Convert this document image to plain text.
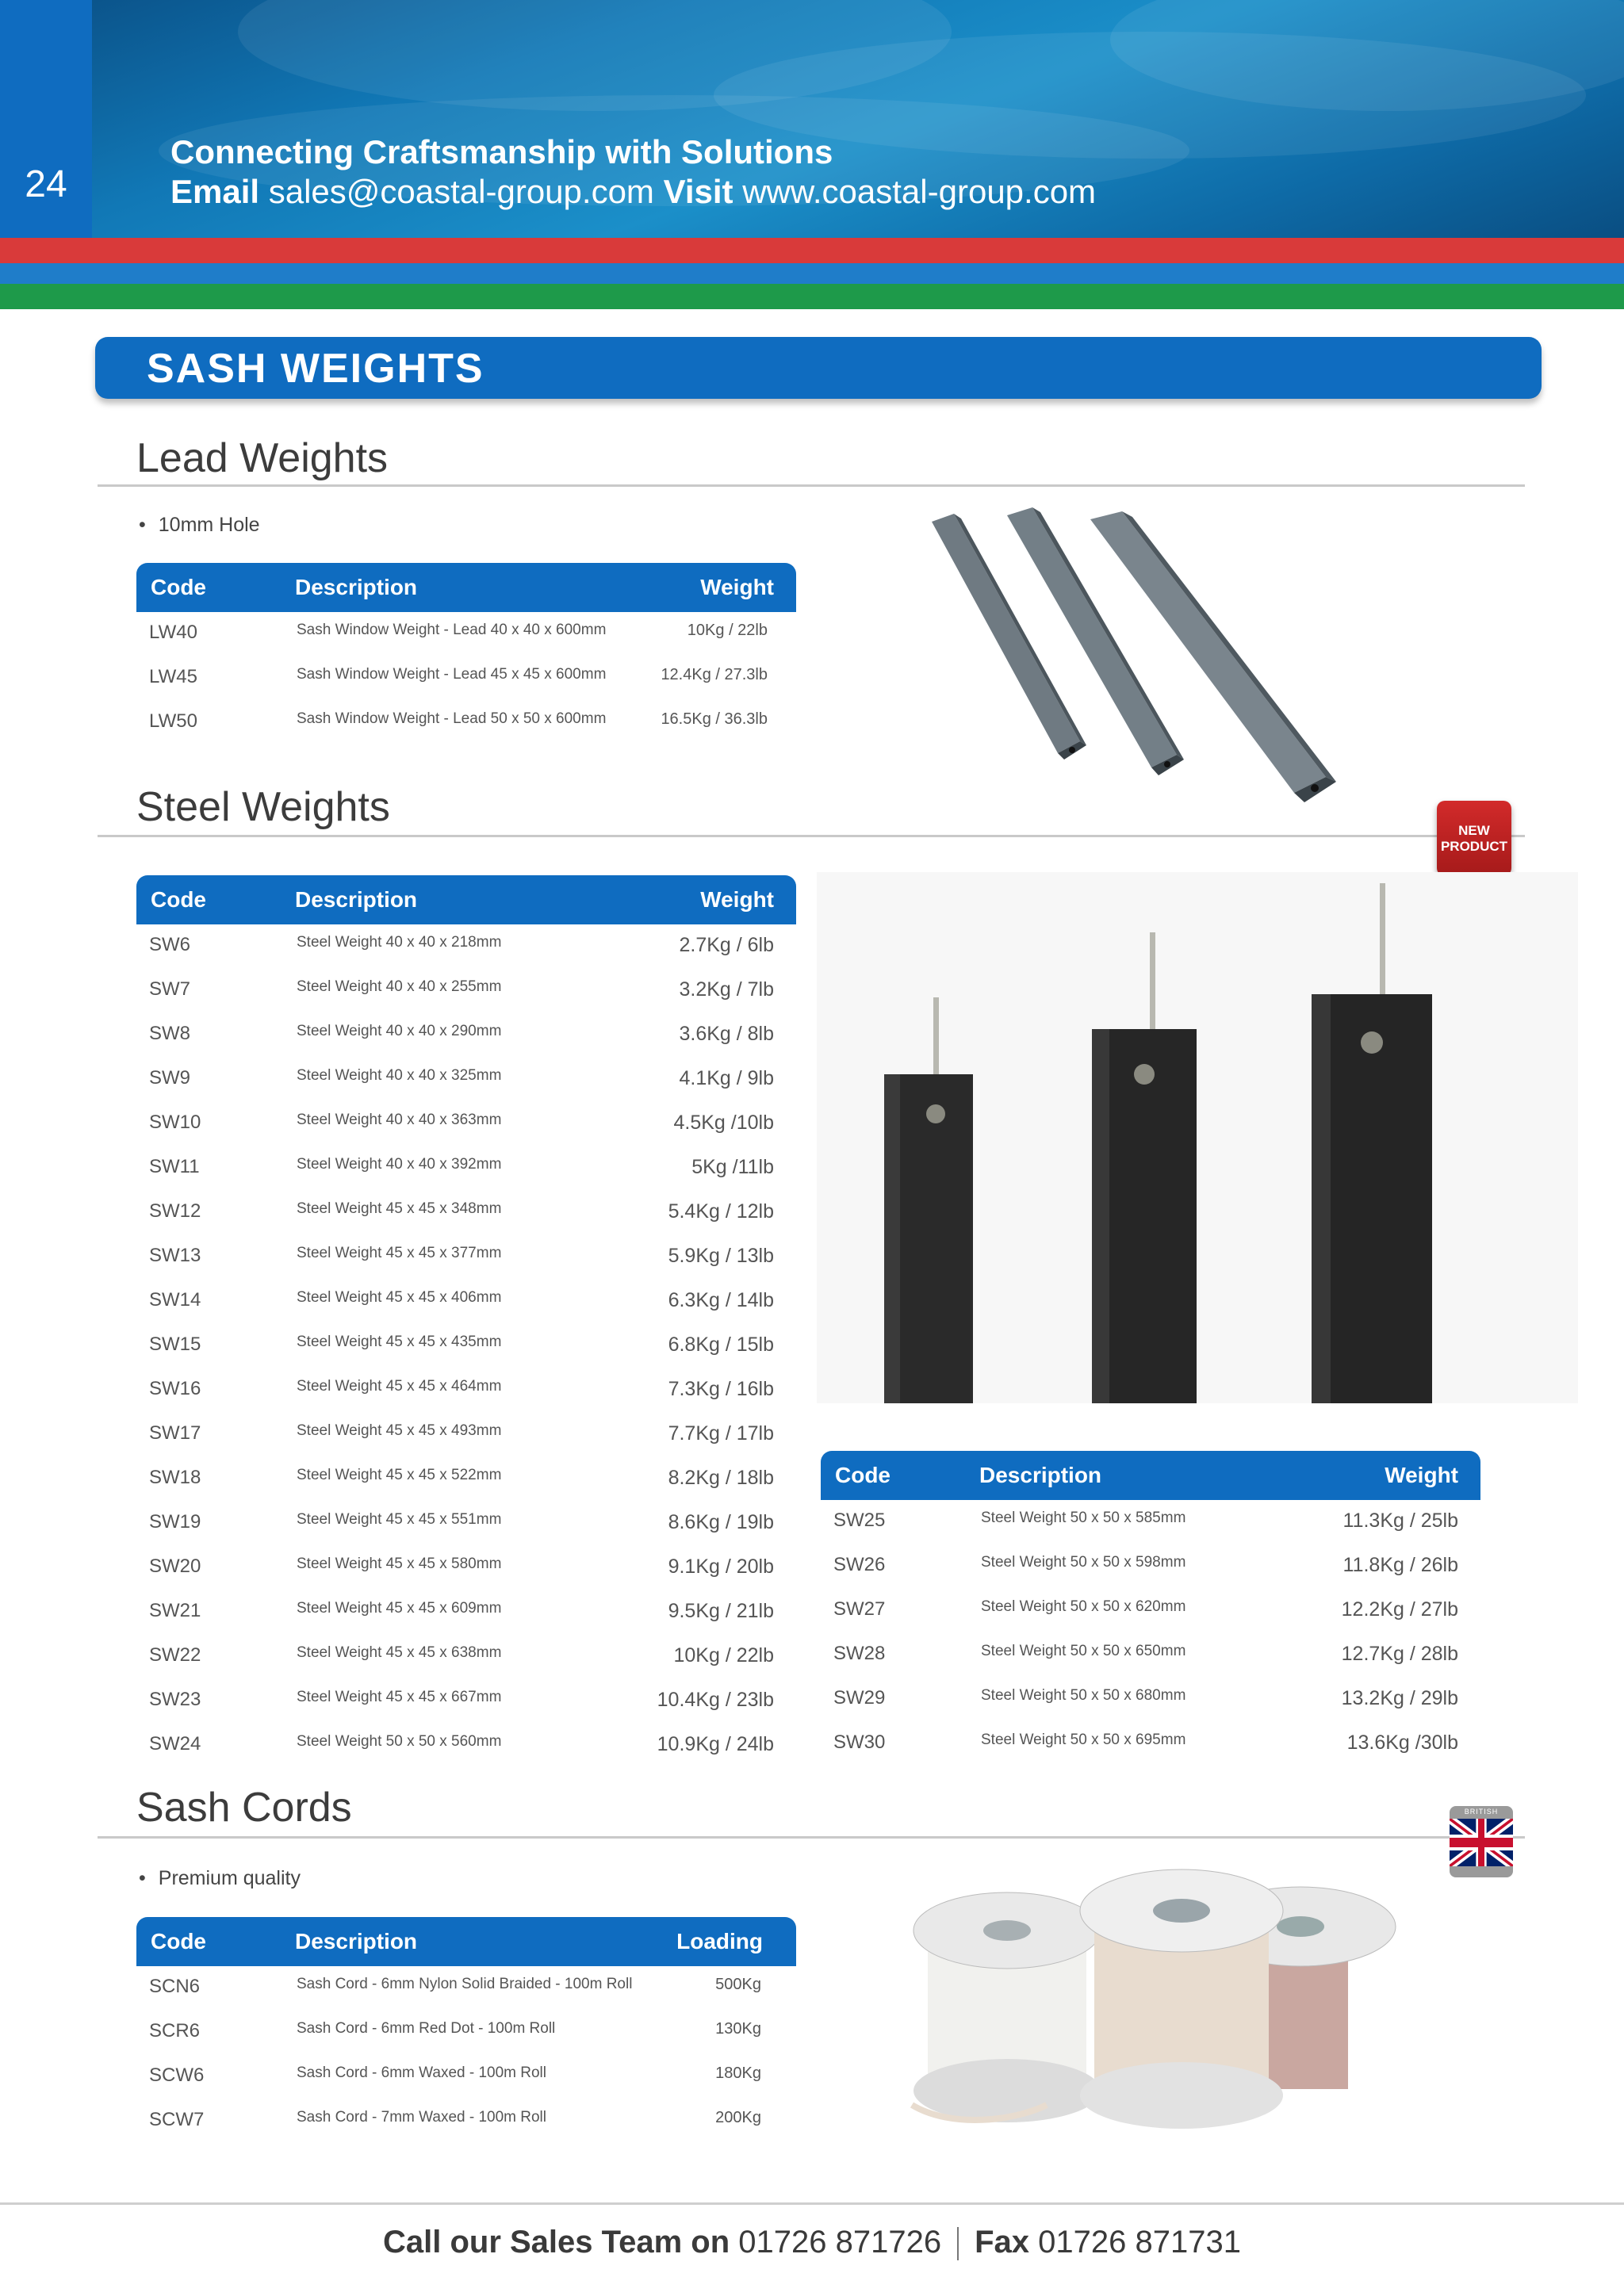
24
Connecting Craftsmanship with Solutions
Email sales@coastal-group.com Visit www.coastal-group.com
SASH WEIGHTS
Lead Weights
• 10mm Hole
Code	Description	Weight
LW40	Sash Window Weight - Lead 40 x 40 x 600mm	10Kg / 22lb
LW45	Sash Window Weight - Lead 45 x 45 x 600mm	12.4Kg / 27.3lb
LW50	Sash Window Weight - Lead 50 x 50 x 600mm	16.5Kg / 36.3lb
Steel Weights
NEW
PRODUCT
Code	Description	Weight
SW6	Steel Weight 40 x 40 x 218mm	2.7Kg / 6lb
SW7	Steel Weight 40 x 40 x 255mm	3.2Kg / 7lb
SW8	Steel Weight 40 x 40 x 290mm	3.6Kg / 8lb
SW9	Steel Weight 40 x 40 x 325mm	4.1Kg / 9lb
SW10	Steel Weight 40 x 40 x 363mm	4.5Kg /10lb
SW11	Steel Weight 40 x 40 x 392mm	5Kg /11lb
SW12	Steel Weight 45 x 45 x 348mm	5.4Kg / 12lb
SW13	Steel Weight 45 x 45 x 377mm	5.9Kg / 13lb
SW14	Steel Weight 45 x 45 x 406mm	6.3Kg / 14lb
SW15	Steel Weight 45 x 45 x 435mm	6.8Kg / 15lb
SW16	Steel Weight 45 x 45 x 464mm	7.3Kg / 16lb
SW17	Steel Weight 45 x 45 x 493mm	7.7Kg / 17lb
SW18	Steel Weight 45 x 45 x 522mm	8.2Kg / 18lb
SW19	Steel Weight 45 x 45 x 551mm	8.6Kg / 19lb
SW20	Steel Weight 45 x 45 x 580mm	9.1Kg / 20lb
SW21	Steel Weight 45 x 45 x 609mm	9.5Kg / 21lb
SW22	Steel Weight 45 x 45 x 638mm	10Kg / 22lb
SW23	Steel Weight 45 x 45 x 667mm	10.4Kg / 23lb
SW24	Steel Weight 50 x 50 x 560mm	10.9Kg / 24lb
Code	Description	Weight
SW25	Steel Weight 50 x 50 x 585mm	11.3Kg / 25lb
SW26	Steel Weight 50 x 50 x 598mm	11.8Kg / 26lb
SW27	Steel Weight 50 x 50 x 620mm	12.2Kg / 27lb
SW28	Steel Weight 50 x 50 x 650mm	12.7Kg / 28lb
SW29	Steel Weight 50 x 50 x 680mm	13.2Kg / 29lb
SW30	Steel Weight 50 x 50 x 695mm	13.6Kg /30lb
Sash Cords
• Premium quality
BRITISH
Code	Description	Loading
SCN6	Sash Cord - 6mm Nylon Solid Braided - 100m Roll	500Kg
SCR6	Sash Cord - 6mm Red Dot - 100m Roll	130Kg
SCW6	Sash Cord - 6mm Waxed - 100m Roll	180Kg
SCW7	Sash Cord - 7mm Waxed - 100m Roll	200Kg
Call our Sales Team on 01726 871726 Fax 01726 871731
